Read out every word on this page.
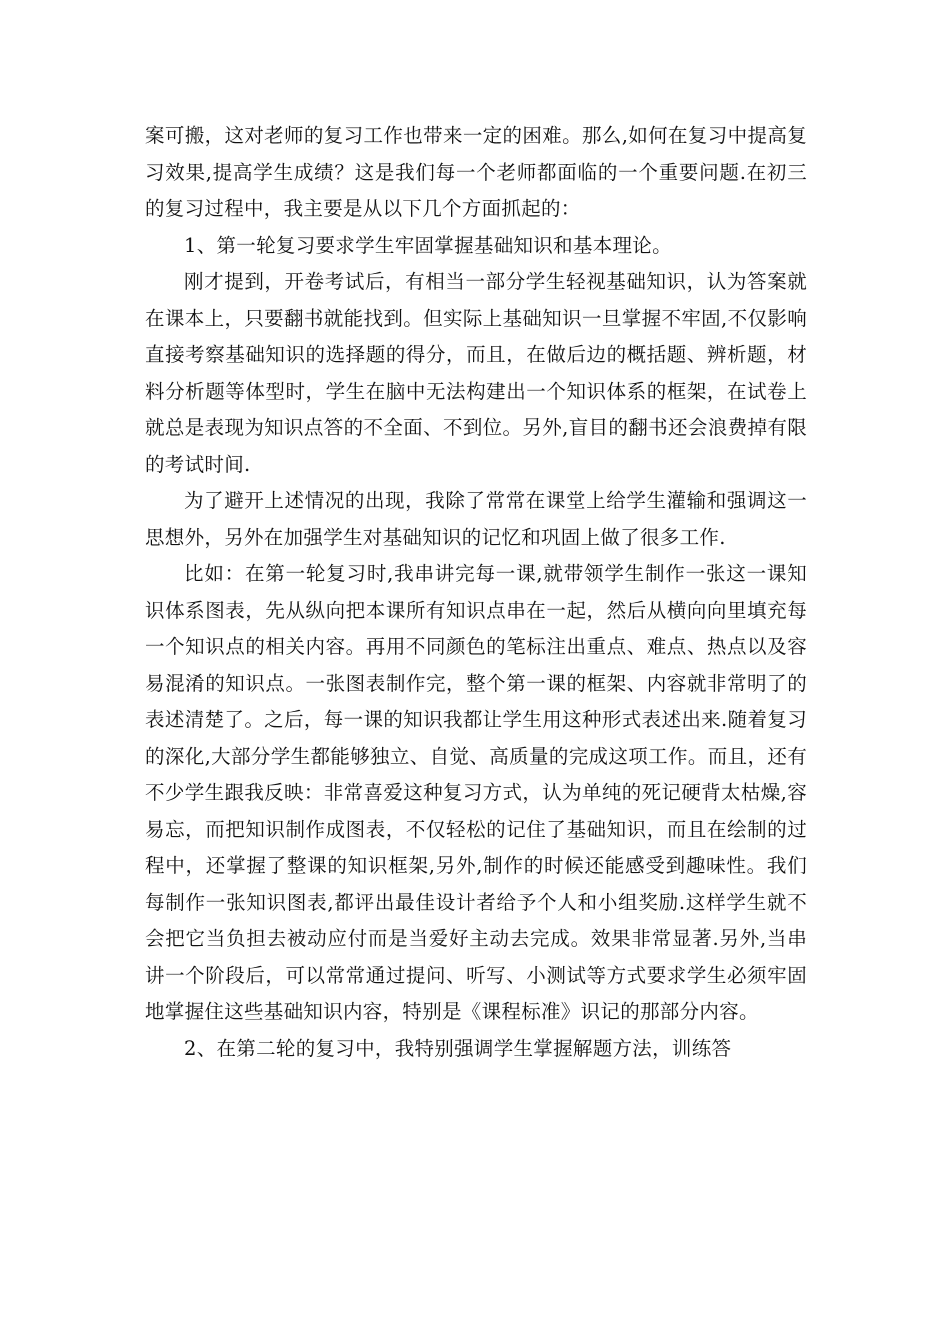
案可搬，这对老师的复习工作也带来一定的困难。那么,如何在复习中提高复习效果,提高学生成绩？这是我们每一个老师都面临的一个重要问题.在初三的复习过程中，我主要是从以下几个方面抓起的：

1、第一轮复习要求学生牢固掌握基础知识和基本理论。

刚才提到，开卷考试后，有相当一部分学生轻视基础知识，认为答案就在课本上，只要翻书就能找到。但实际上基础知识一旦掌握不牢固,不仅影响直接考察基础知识的选择题的得分，而且，在做后边的概括题、辨析题，材料分析题等体型时，学生在脑中无法构建出一个知识体系的框架，在试卷上就总是表现为知识点答的不全面、不到位。另外,盲目的翻书还会浪费掉有限的考试时间.

为了避开上述情况的出现，我除了常常在课堂上给学生灌输和强调这一思想外，另外在加强学生对基础知识的记忆和巩固上做了很多工作.

比如：在第一轮复习时,我串讲完每一课,就带领学生制作一张这一课知识体系图表，先从纵向把本课所有知识点串在一起，然后从横向向里填充每一个知识点的相关内容。再用不同颜色的笔标注出重点、难点、热点以及容易混淆的知识点。一张图表制作完，整个第一课的框架、内容就非常明了的表述清楚了。之后，每一课的知识我都让学生用这种形式表述出来.随着复习的深化,大部分学生都能够独立、自觉、高质量的完成这项工作。而且，还有不少学生跟我反映：非常喜爱这种复习方式，认为单纯的死记硬背太枯燥,容易忘，而把知识制作成图表，不仅轻松的记住了基础知识，而且在绘制的过程中，还掌握了整课的知识框架,另外,制作的时候还能感受到趣味性。我们每制作一张知识图表,都评出最佳设计者给予个人和小组奖励.这样学生就不会把它当负担去被动应付而是当爱好主动去完成。效果非常显著.另外,当串讲一个阶段后，可以常常通过提问、听写、小测试等方式要求学生必须牢固地掌握住这些基础知识内容，特别是《课程标准》识记的那部分内容。

2、在第二轮的复习中，我特别强调学生掌握解题方法，训练答
